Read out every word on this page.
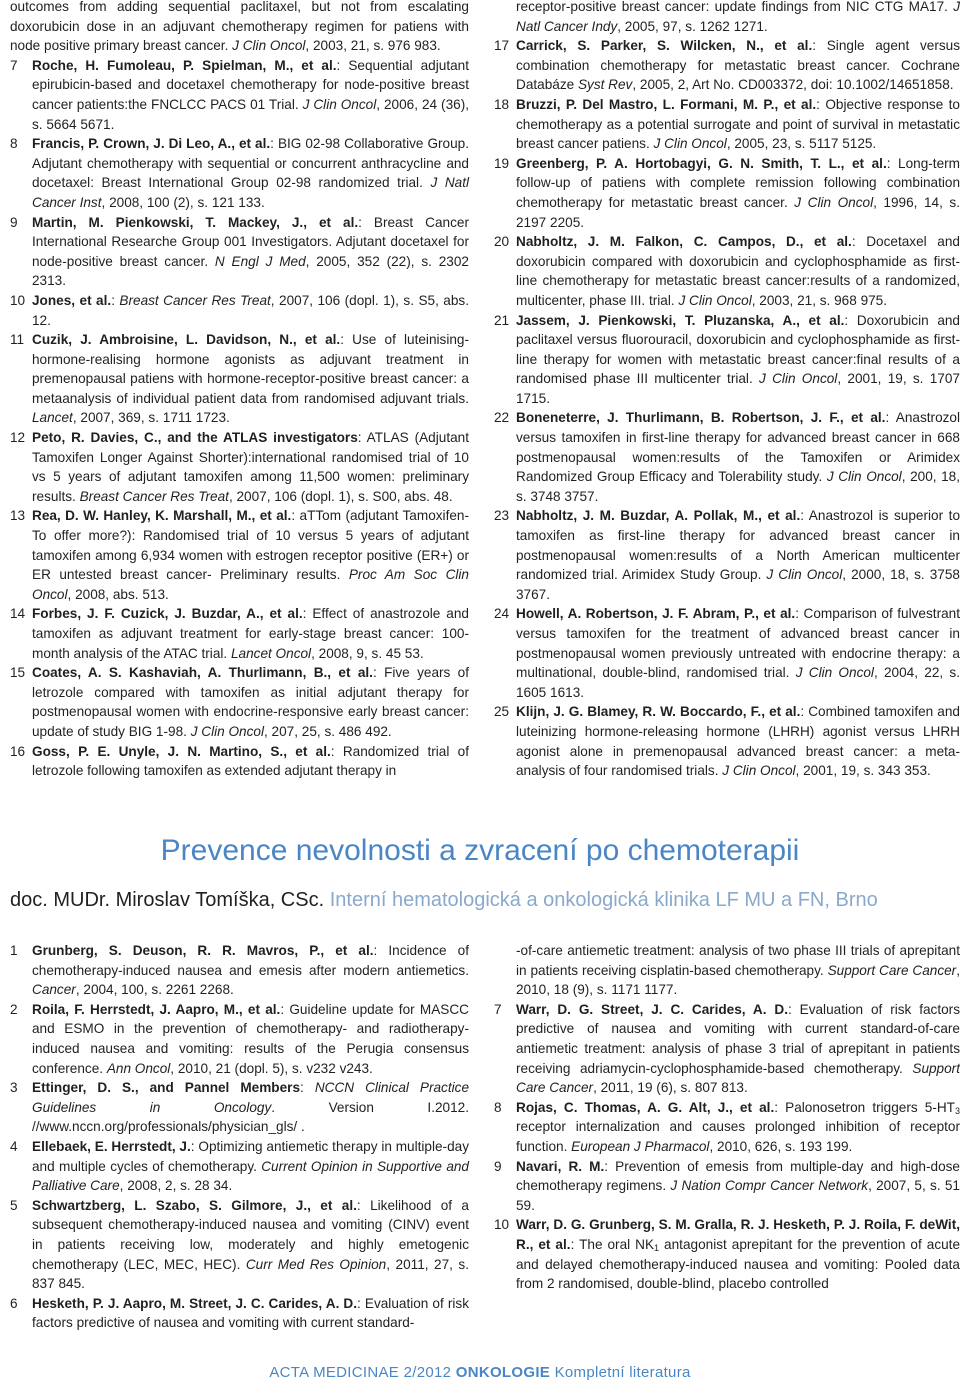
outcomes from adding sequential paclitaxel, but not from escalating doxorubicin dose in an adjuvant chemotherapy regimen for patiens with node positive primary breast cancer. J Clin Oncol, 2003, 21, s. 976 983.
7 Roche, H. Fumoleau, P. Spielman, M., et al.: Sequential adjutant epirubicin-based and docetaxel chemotherapy for node-positive breast cancer patients:the FNCLCC PACS 01 Trial. J Clin Oncol, 2006, 24 (36), s. 5664 5671.
8 Francis, P. Crown, J. Di Leo, A., et al.: BIG 02-98 Collaborative Group. Adjutant chemotherapy with sequential or concurrent anthracycline and docetaxel: Breast International Group 02-98 randomized trial. J Natl Cancer Inst, 2008, 100 (2), s. 121 133.
9 Martin, M. Pienkowski, T. Mackey, J., et al.: Breast Cancer International Researche Group 001 Investigators. Adjutant docetaxel for node-positive breast cancer. N Engl J Med, 2005, 352 (22), s. 2302 2313.
10 Jones, et al.: Breast Cancer Res Treat, 2007, 106 (dopl. 1), s. S5, abs. 12.
11 Cuzik, J. Ambroisine, L. Davidson, N., et al.: Use of luteinising-hormone-realising hormone agonists as adjuvant treatment in premenopausal patiens with hormone-receptor-positive breast cancer: a metaanalysis of individual patient data from randomised adjuvant trials. Lancet, 2007, 369, s. 1711 1723.
12 Peto, R. Davies, C., and the ATLAS investigators: ATLAS (Adjutant Tamoxifen Longer Against Shorter):international randomised trial of 10 vs 5 years of adjutant tamoxifen among 11,500 women: preliminary results. Breast Cancer Res Treat, 2007, 106 (dopl. 1), s. S00, abs. 48.
13 Rea, D. W. Hanley, K. Marshall, M., et al.: aTTom (adjutant Tamoxifen-To offer more?): Randomised trial of 10 versus 5 years of adjutant tamoxifen among 6,934 women with estrogen receptor positive (ER+) or ER untested breast cancer- Preliminary results. Proc Am Soc Clin Oncol, 2008, abs. 513.
14 Forbes, J. F. Cuzick, J. Buzdar, A., et al.: Effect of anastrozole and tamoxifen as adjuvant treatment for early-stage breast cancer: 100-month analysis of the ATAC trial. Lancet Oncol, 2008, 9, s. 45 53.
15 Coates, A. S. Kashaviah, A. Thurlimann, B., et al.: Five years of letrozole compared with tamoxifen as initial adjutant therapy for postmenopausal women with endocrine-responsive early breast cancer: update of study BIG 1-98. J Clin Oncol, 207, 25, s. 486 492.
16 Goss, P. E. Unyle, J. N. Martino, S., et al.: Randomized trial of letrozole following tamoxifen as extended adjutant therapy in
receptor-positive breast cancer: update findings from NIC CTG MA17. J Natl Cancer Indy, 2005, 97, s. 1262 1271.
17 Carrick, S. Parker, S. Wilcken, N., et al.: Single agent versus combination chemotherapy for metastatic breast cancer. Cochrane Databáze Syst Rev, 2005, 2, Art No. CD003372, doi: 10.1002/14651858.
18 Bruzzi, P. Del Mastro, L. Formani, M. P., et al.: Objective response to chemotherapy as a potential surrogate and point of survival in metastatic breast cancer patiens. J Clin Oncol, 2005, 23, s. 5117 5125.
19 Greenberg, P. A. Hortobagyi, G. N. Smith, T. L., et al.: Long-term follow-up of patiens with complete remission following combination chemotherapy for metastatic breast cancer. J Clin Oncol, 1996, 14, s. 2197 2205.
20 Nabholtz, J. M. Falkon, C. Campos, D., et al.: Docetaxel and doxorubicin compared with doxorubicin and cyclophosphamide as first-line chemotherapy for metastatic breast cancer:results of a randomized, multicenter, phase III. trial. J Clin Oncol, 2003, 21, s. 968 975.
21 Jassem, J. Pienkowski, T. Pluzanska, A., et al.: Doxorubicin and paclitaxel versus fluorouracil, doxorubicin and cyclophosphamide as first-line therapy for women with metastatic breast cancer:final results of a randomised phase III multicenter trial. J Clin Oncol, 2001, 19, s. 1707 1715.
22 Boneneterre, J. Thurlimann, B. Robertson, J. F., et al.: Anastrozol versus tamoxifen in first-line therapy for advanced breast cancer in 668 postmenopausal women:results of the Tamoxifen or Arimidex Randomized Group Efficacy and Tolerability study. J Clin Oncol, 200, 18, s. 3748 3757.
23 Nabholtz, J. M. Buzdar, A. Pollak, M., et al.: Anastrozol is superior to tamoxifen as first-line therapy for advanced breast cancer in postmenopausal women:results of a North American multicenter randomized trial. Arimidex Study Group. J Clin Oncol, 2000, 18, s. 3758 3767.
24 Howell, A. Robertson, J. F. Abram, P., et al.: Comparison of fulvestrant versus tamoxifen for the treatment of advanced breast cancer in postmenopausal women previously untreated with endocrine therapy: a multinational, double-blind, randomised trial. J Clin Oncol, 2004, 22, s. 1605 1613.
25 Klijn, J. G. Blamey, R. W. Boccardo, F., et al.: Combined tamoxifen and luteinizing hormone-releasing hormone (LHRH) agonist versus LHRH agonist alone in premenopausal advanced breast cancer: a meta-analysis of four randomised trials. J Clin Oncol, 2001, 19, s. 343 353.
Prevence nevolnosti a zvracení po chemoterapii
doc. MUDr. Miroslav Tomíška, CSc. Interní hematologická a onkologická klinika LF MU a FN, Brno
1 Grunberg, S. Deuson, R. R. Mavros, P., et al.: Incidence of chemotherapy-induced nausea and emesis after modern antiemetics. Cancer, 2004, 100, s. 2261 2268.
2 Roila, F. Herrstedt, J. Aapro, M., et al.: Guideline update for MASCC and ESMO in the prevention of chemotherapy- and radiotherapy-induced nausea and vomiting: results of the Perugia consensus conference. Ann Oncol, 2010, 21 (dopl. 5), s. v232 v243.
3 Ettinger, D. S., and Pannel Members: NCCN Clinical Practice Guidelines in Oncology. Version I.2012. //www.nccn.org/professionals/physician_gls/ .
4 Ellebaek, E. Herrstedt, J.: Optimizing antiemetic therapy in multiple-day and multiple cycles of chemotherapy. Current Opinion in Supportive and Palliative Care, 2008, 2, s. 28 34.
5 Schwartzberg, L. Szabo, S. Gilmore, J., et al.: Likelihood of a subsequent chemotherapy-induced nausea and vomiting (CINV) event in patients receiving low, moderately and highly emetogenic chemotherapy (LEC, MEC, HEC). Curr Med Res Opinion, 2011, 27, s. 837 845.
6 Hesketh, P. J. Aapro, M. Street, J. C. Carides, A. D.: Evaluation of risk factors predictive of nausea and vomiting with current standard-
-of-care antiemetic treatment: analysis of two phase III trials of aprepitant in patients receiving cisplatin-based chemotherapy. Support Care Cancer, 2010, 18 (9), s. 1171 1177.
7 Warr, D. G. Street, J. C. Carides, A. D.: Evaluation of risk factors predictive of nausea and vomiting with current standard-of-care antiemetic treatment: analysis of phase 3 trial of aprepitant in patients receiving adriamycin-cyclophosphamide-based chemotherapy. Support Care Cancer, 2011, 19 (6), s. 807 813.
8 Rojas, C. Thomas, A. G. Alt, J., et al.: Palonosetron triggers $5-HT_3$ receptor internalization and causes prolonged inhibition of receptor function. European J Pharmacol, 2010, 626, s. 193 199.
9 Navari, R. M.: Prevention of emesis from multiple-day and high-dose chemotherapy regimens. J Nation Compr Cancer Network, 2007, 5, s. 51 59.
10 Warr, D. G. Grunberg, S. M. Gralla, R. J. Hesketh, P. J. Roila, F. deWit, R., et al.: The oral $NK_1$ antagonist aprepitant for the prevention of acute and delayed chemotherapy-induced nausea and vomiting: Pooled data from 2 randomised, double-blind, placebo controlled
ACTA MEDICINAE 2/2012 ONKOLOGIE Kompletní literatura
